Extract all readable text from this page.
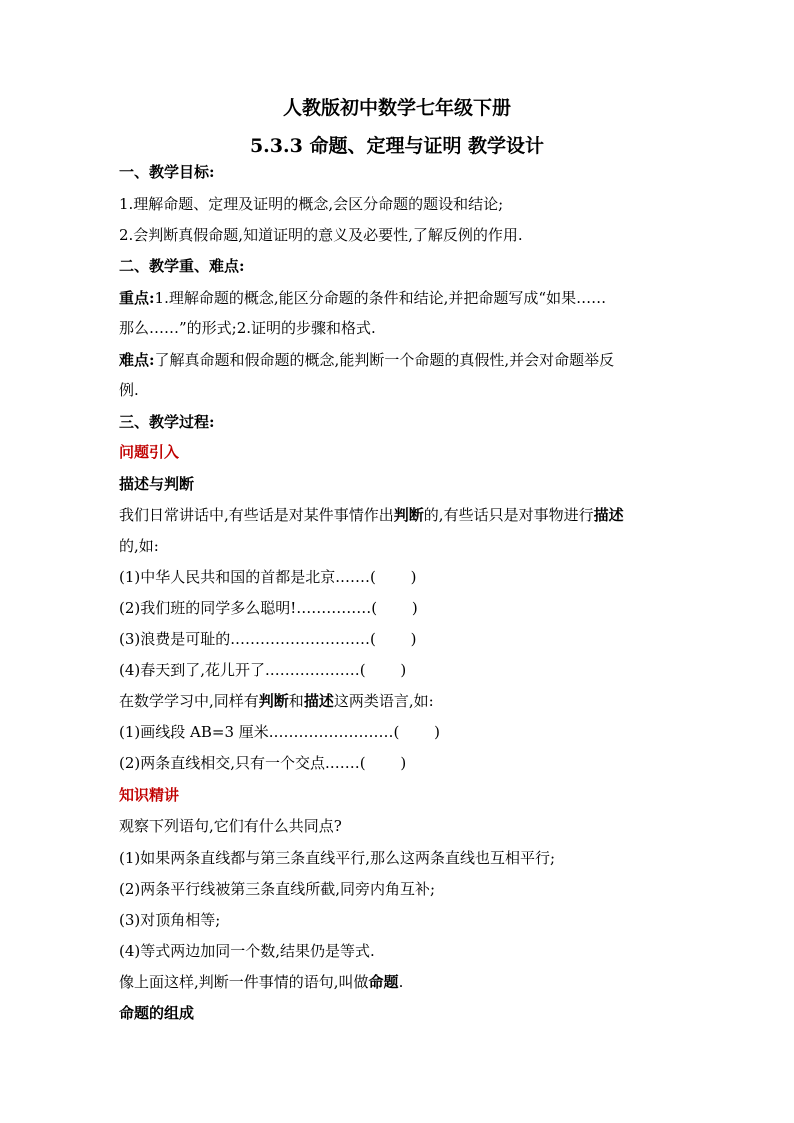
人教版初中数学七年级下册
5.3.3 命题、定理与证明 教学设计
一、教学目标:
1.理解命题、定理及证明的概念,会区分命题的题设和结论;
2.会判断真假命题,知道证明的意义及必要性,了解反例的作用.
二、教学重、难点:
重点:1.理解命题的概念,能区分命题的条件和结论,并把命题写成“如果……
那么……”的形式;2.证明的步骤和格式.
难点:了解真命题和假命题的概念,能判断一个命题的真假性,并会对命题举反
例.
三、教学过程:
问题引入
描述与判断
我们日常讲话中,有些话是对某件事情作出判断的,有些话只是对事物进行描述
的,如:
(1)中华人民共和国的首都是北京.……(　　 )
(2)我们班的同学多么聪明!……………(　　 )
(3)浪费是可耻的.………………………(　　 )
(4)春天到了,花儿开了.………………(　　 )
在数学学习中,同样有判断和描述这两类语言,如:
(1)画线段 AB=3 厘米.……………………(　　 )
(2)两条直线相交,只有一个交点.……(　　 )
知识精讲
观察下列语句,它们有什么共同点?
(1)如果两条直线都与第三条直线平行,那么这两条直线也互相平行;
(2)两条平行线被第三条直线所截,同旁内角互补;
(3)对顶角相等;
(4)等式两边加同一个数,结果仍是等式.
像上面这样,判断一件事情的语句,叫做命题.
命题的组成
